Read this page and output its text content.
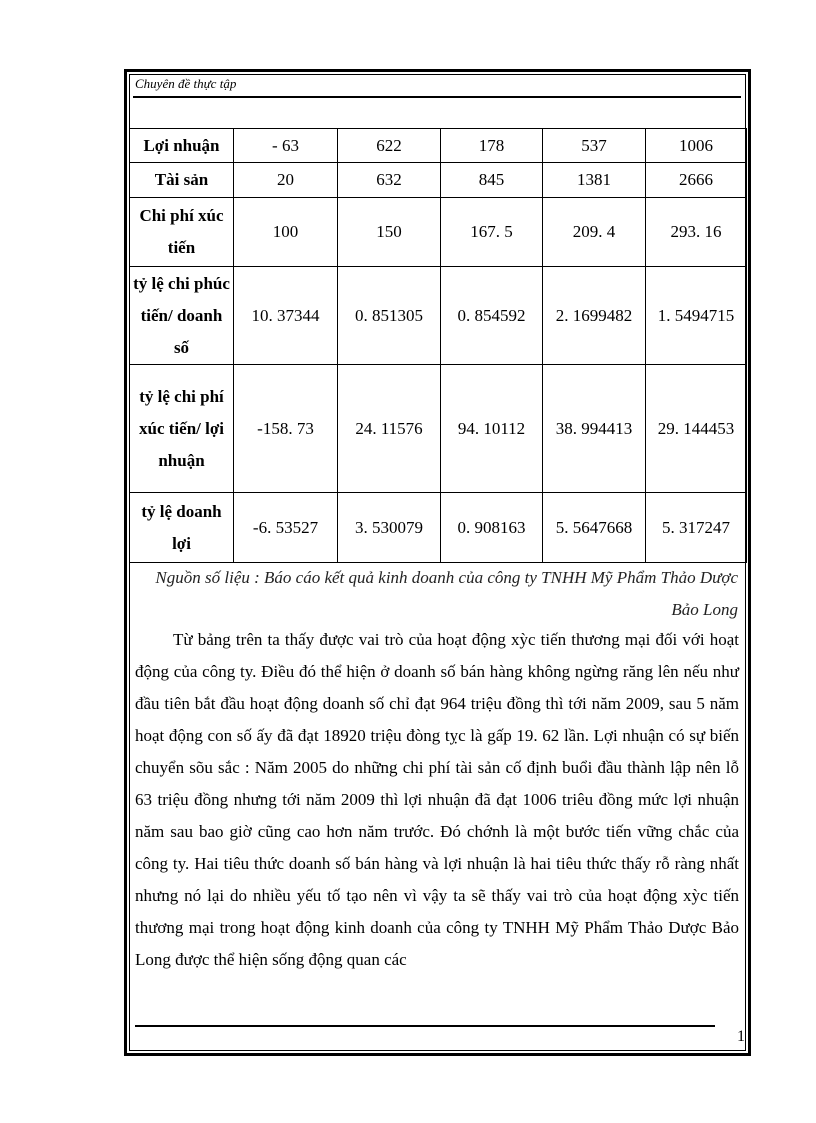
Chuyên đề thực tập
Lợi nhuận	- 63	622	178	537	1006
Tài sản	20	632	845	1381	2666
Chi phí xúc tiến	100	150	167. 5	209. 4	293. 16
tỷ lệ chi phúc tiến/ doanh số	10. 37344	0. 851305	0. 854592	2. 1699482	1. 5494715
tỷ lệ chi phí xúc tiến/ lợi nhuận	-158. 73	24. 11576	94. 10112	38. 994413	29. 144453
tỷ lệ doanh lợi	-6. 53527	3. 530079	0. 908163	5. 5647668	5. 317247
Nguồn số liệu : Báo cáo kết quả kinh doanh của công ty TNHH Mỹ Phẩm Thảo Dược Bảo Long
Từ bảng trên ta thấy được vai trò của hoạt động xỳc tiến thương mại đối với hoạt động của công ty. Điều đó thể hiện ở doanh số bán hàng không ngừng răng lên nếu như đầu tiên bắt đầu hoạt động doanh số chỉ đạt 964 triệu đồng thì tới năm 2009, sau 5 năm hoạt động con số ấy đã đạt 18920 triệu đòng tỵc là gấp 19. 62 lần. Lợi nhuận có sự biến chuyển sõu sắc : Năm 2005 do những chi phí tài sản cố định buổi đầu thành lập nên lỗ 63 triệu đồng nhưng tới năm 2009 thì lợi nhuận đã đạt 1006 triêu đồng mức lợi nhuận năm sau bao giờ cũng cao hơn năm trước. Đó chớnh là một bước tiến vững chắc của công ty. Hai tiêu thức doanh số bán hàng và lợi nhuận là hai tiêu thức thấy rỗ ràng nhất nhưng nó lại do nhiều yếu tố tạo nên vì vậy ta sẽ thấy vai trò của hoạt động xỳc tiến thương mại trong hoạt động kinh doanh của công ty TNHH Mỹ Phẩm Thảo Dược Bảo Long được thể hiện sống động quan các
1
